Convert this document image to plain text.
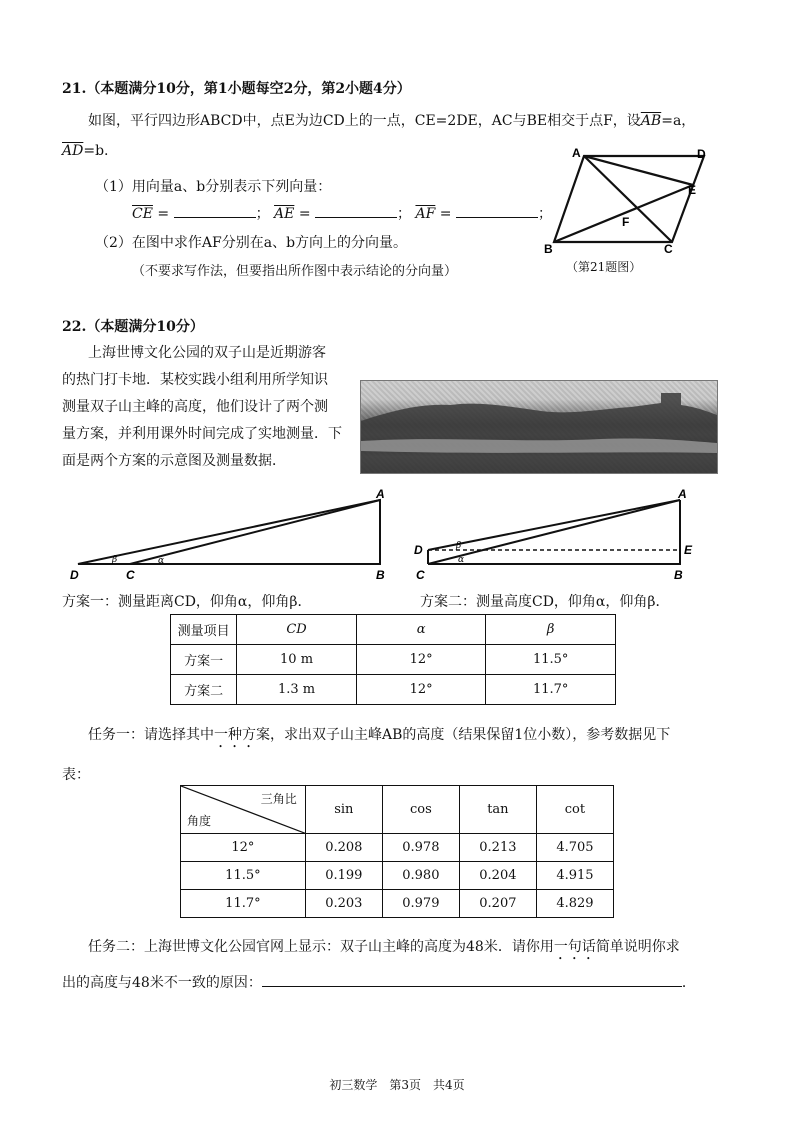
21.（本题满分10分，第1小题每空2分，第2小题4分）
如图，平行四边形ABCD中，点E为边CD上的一点，CE=2DE，AC与BE相交于点F，设$\overline{AB}=a$，
$\overline{AD}=b$.
（1）用向量a、b分别表示下列向量：
$\overline{CE}$ =	； $\overline{AE}$ =	； $\overline{AF}$ =	；
（2）在图中求作AF分别在a、b方向上的分向量。
（不要求写作法，但要指出所作图中表示结论的分向量）
A	D
E
F
B	C
（第21题图）
22.（本题满分10分）
上海世博文化公园的双子山是近期游客
的热门打卡地．某校实践小组利用所学知识
测量双子山主峰的高度，他们设计了两个测
量方案，并利用课外时间完成了实地测量．下
面是两个方案的示意图及测量数据．
β	α
A
D	C	B
β
α
A
D	E
C	B
方案一：测量距离CD，仰角α，仰角β．	方案二：测量高度CD，仰角α，仰角β．
测量项目	CD	α	β
方案一	10 m	12°	11.5°
方案二	1.3 m	12°	11.7°
任务一：请选择其中一种方案，求出双子山主峰AB的高度（结果保留1位小数），参考数据见下
表：
三角比
角度	sin	cos	tan	cot
12°	0.208	0.978	0.213	4.705
11.5°	0.199	0.980	0.204	4.915
11.7°	0.203	0.979	0.207	4.829
任务二：上海世博文化公园官网上显示：双子山主峰的高度为48米．请你用一句话简单说明你求
出的高度与48米不一致的原因：	．
初三数学　第3页　共4页
